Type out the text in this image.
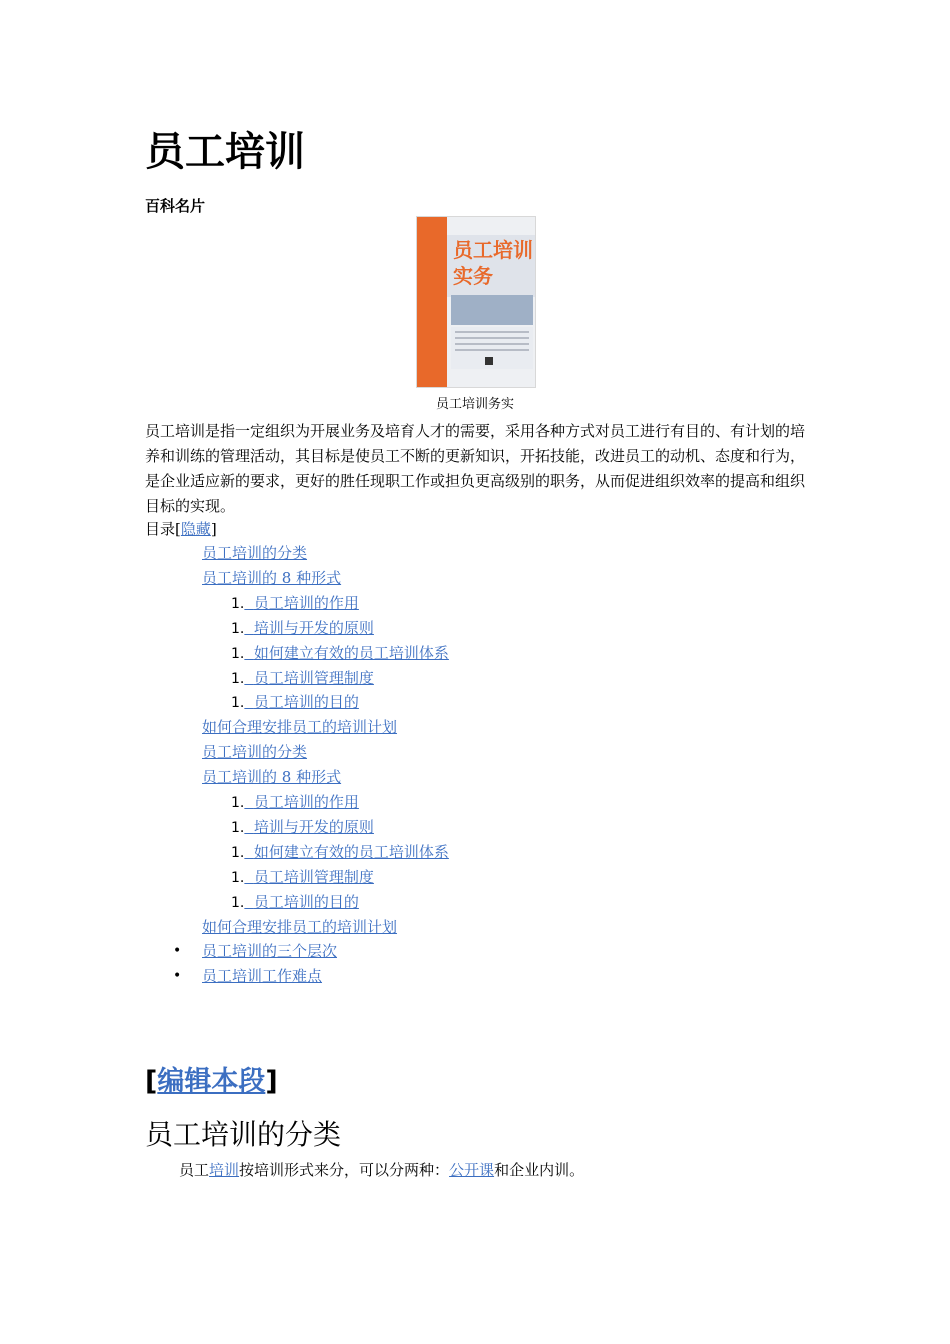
员工培训
百科名片
员工培训
实务
员工培训务实

员工培训是指一定组织为开展业务及培育人才的需要，采用各种方式对员工进行有目的、有计划的培养和训练的管理活动，其目标是使员工不断的更新知识，开拓技能，改进员工的动机、态度和行为，是企业适应新的要求，更好的胜任现职工作或担负更高级别的职务，从而促进组织效率的提高和组织目标的实现。

目录[隐藏]
员工培训的分类
员工培训的 8 种形式
1. 员工培训的作用
1. 培训与开发的原则
1. 如何建立有效的员工培训体系
1. 员工培训管理制度
1. 员工培训的目的
如何合理安排员工的培训计划
员工培训的分类
员工培训的 8 种形式
1. 员工培训的作用
1. 培训与开发的原则
1. 如何建立有效的员工培训体系
1. 员工培训管理制度
1. 员工培训的目的
如何合理安排员工的培训计划
• 员工培训的三个层次
• 员工培训工作难点
[编辑本段]
员工培训的分类
员工培训按培训形式来分，可以分两种：公开课和企业内训。
